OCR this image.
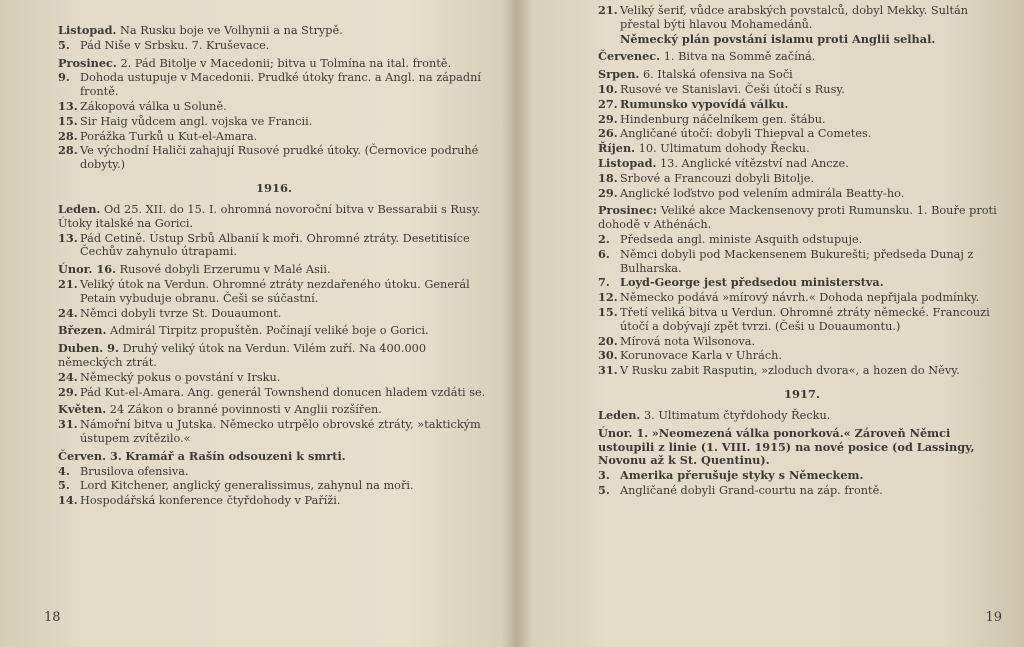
Listopad. Na Rusku boje ve Volhynii a na Strypě.
5. Pád Niše v Srbsku. 7. Kruševace.
Prosinec. 2. Pád Bitolje v Macedonii; bitva u Tolmína na ital. frontě.
9. Dohoda ustupuje v Macedonii. Prudké útoky franc. a Angl. na západní frontě.
13. Zákopová válka u Soluně.
15. Sir Haig vůdcem angl. vojska ve Francii.
28. Porážka Turků u Kut-el-Amara.
28. Ve východní Haliči zahajují Rusové prudké útoky. (Černovice podruhé dobyty.)
1916.
Leden. Od 25. XII. do 15. I. ohromná novoroční bitva v Bessarabii s Rusy. Útoky italské na Gorici.
13. Pád Cetině. Ústup Srbů Albanií k moři. Ohromné ztráty. Desetitisíce Čechův zahynulo útrapami.
Únor. 16. Rusové dobyli Erzerumu v Malé Asii.
21. Veliký útok na Verdun. Ohromné ztráty nezdařeného útoku. Generál Petain vybuduje obranu. Češi se súčastní.
24. Němci dobyli tvrze St. Douaumont.
Březen. Admirál Tirpitz propuštěn. Počínají veliké boje o Gorici.
Duben. 9. Druhý veliký útok na Verdun. Vilém zuří. Na 400.000 německých ztrát.
24. Německý pokus o povstání v Irsku.
29. Pád Kut-el-Amara. Ang. generál Townshend donucen hladem vzdáti se.
Květen. 24 Zákon o branné povinnosti v Anglii rozšířen.
31. Námořní bitva u Jutska. Německo utrpělo obrovské ztráty, »taktickým ústupem zvítězilo.«
Červen. 3. Kramář a Rašín odsouzeni k smrti.
4. Brusilova ofensiva.
5. Lord Kitchener, anglický generalissimus, zahynul na moři.
14. Hospodářská konference čtyřdohody v Paříži.
18
21. Veliký šerif, vůdce arabských povstalců, dobyl Mekky. Sultán přestal býti hlavou Mohamedánů.
Německý plán povstání islamu proti Anglii selhal.
Červenec. 1. Bitva na Sommě začíná.
Srpen. 6. Italská ofensiva na Soči
10. Rusové ve Stanislavi. Češi útočí s Rusy.
27. Rumunsko vypovídá válku.
29. Hindenburg náčelníkem gen. štábu.
26. Angličané útočí: dobyli Thiepval a Cometes.
Říjen. 10. Ultimatum dohody Řecku.
Listopad. 13. Anglické vítězství nad Ancze.
18. Srbové a Francouzi dobyli Bitolje.
29. Anglické loďstvo pod velením admirála Beatty-ho.
Prosinec: Veliké akce Mackensenovy proti Rumunsku. 1. Bouře proti dohodě v Athénách.
2. Předseda angl. ministe Asquith odstupuje.
6. Němci dobyli pod Mackensenem Bukurešti; předseda Dunaj z Bulharska.
7. Loyd-George jest předsedou ministerstva.
12. Německo podává »mírový návrh.« Dohoda nepřijala podmínky.
15. Třetí veliká bitva u Verdun. Ohromné ztráty německé. Francouzi útočí a dobývají zpět tvrzi. (Češi u Douaumontu.)
20. Mírová nota Wilsonova.
30. Korunovace Karla v Uhrách.
31. V Rusku zabit Rasputin, »zloduch dvora«, a hozen do Něvy.
1917.
Leden. 3. Ultimatum čtyřdohody Řecku.
Únor. 1. »Neomezená válka ponorková.« Zároveň Němci ustoupili z linie (1. VIII. 1915) na nové posice (od Lassingy, Novonu až k St. Quentinu).
3. Amerika přerušuje styky s Německem.
5. Angličané dobyli Grand-courtu na záp. frontě.
19
